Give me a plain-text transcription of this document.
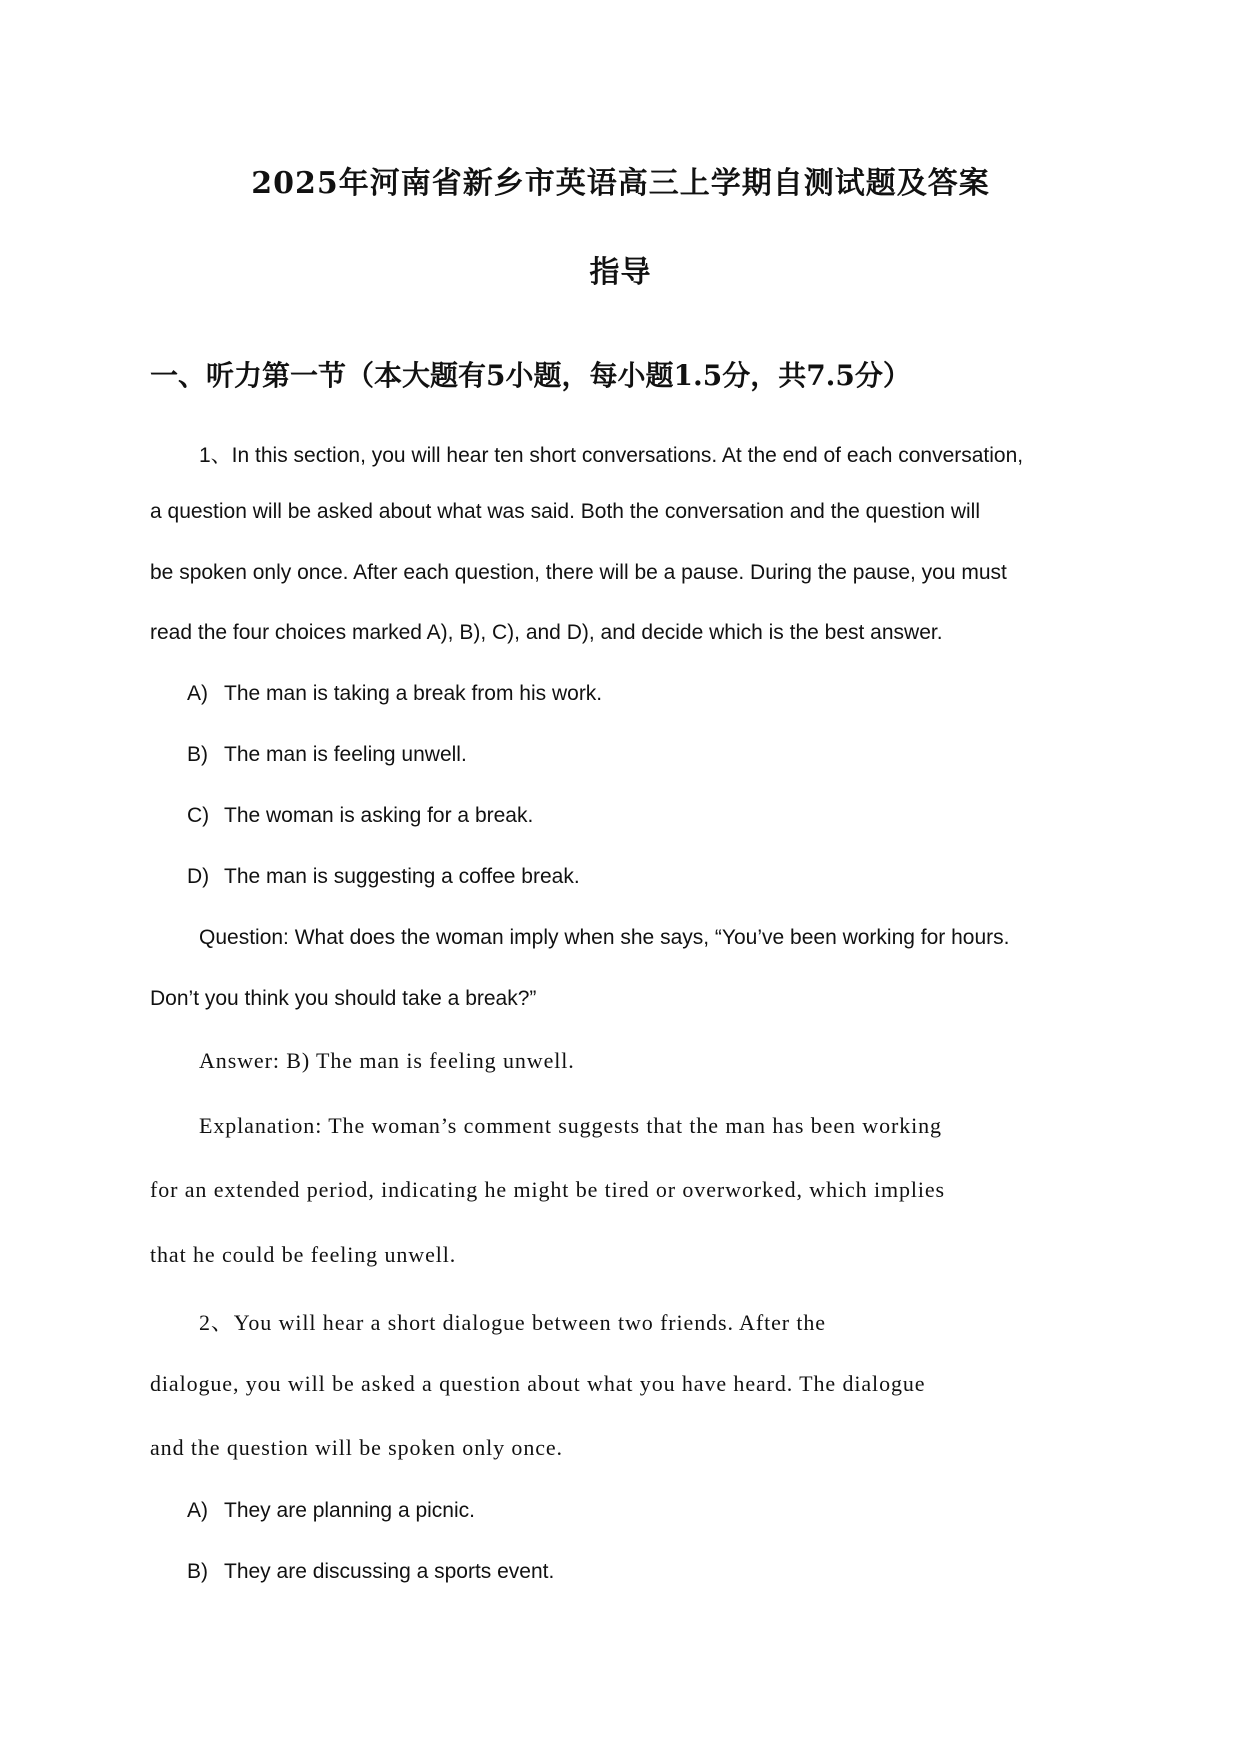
2025年河南省新乡市英语高三上学期自测试题及答案
指导
一、听力第一节（本大题有5小题，每小题1.5分，共7.5分）
1、In this section, you will hear ten short conversations. At the end of each conversation,
a question will be asked about what was said. Both the conversation and the question will
be spoken only once. After each question, there will be a pause. During the pause, you must
read the four choices marked A), B), C), and D), and decide which is the best answer.
A) The man is taking a break from his work.
B) The man is feeling unwell.
C) The woman is asking for a break.
D) The man is suggesting a coffee break.
Question: What does the woman imply when she says, “You’ve been working for hours.
Don’t you think you should take a break?”
Answer: B) The man is feeling unwell.
Explanation: The woman’s comment suggests that the man has been working
for an extended period, indicating he might be tired or overworked, which implies
that he could be feeling unwell.
2、You will hear a short dialogue between two friends. After the
dialogue, you will be asked a question about what you have heard. The dialogue
and the question will be spoken only once.
A) They are planning a picnic.
B) They are discussing a sports event.
